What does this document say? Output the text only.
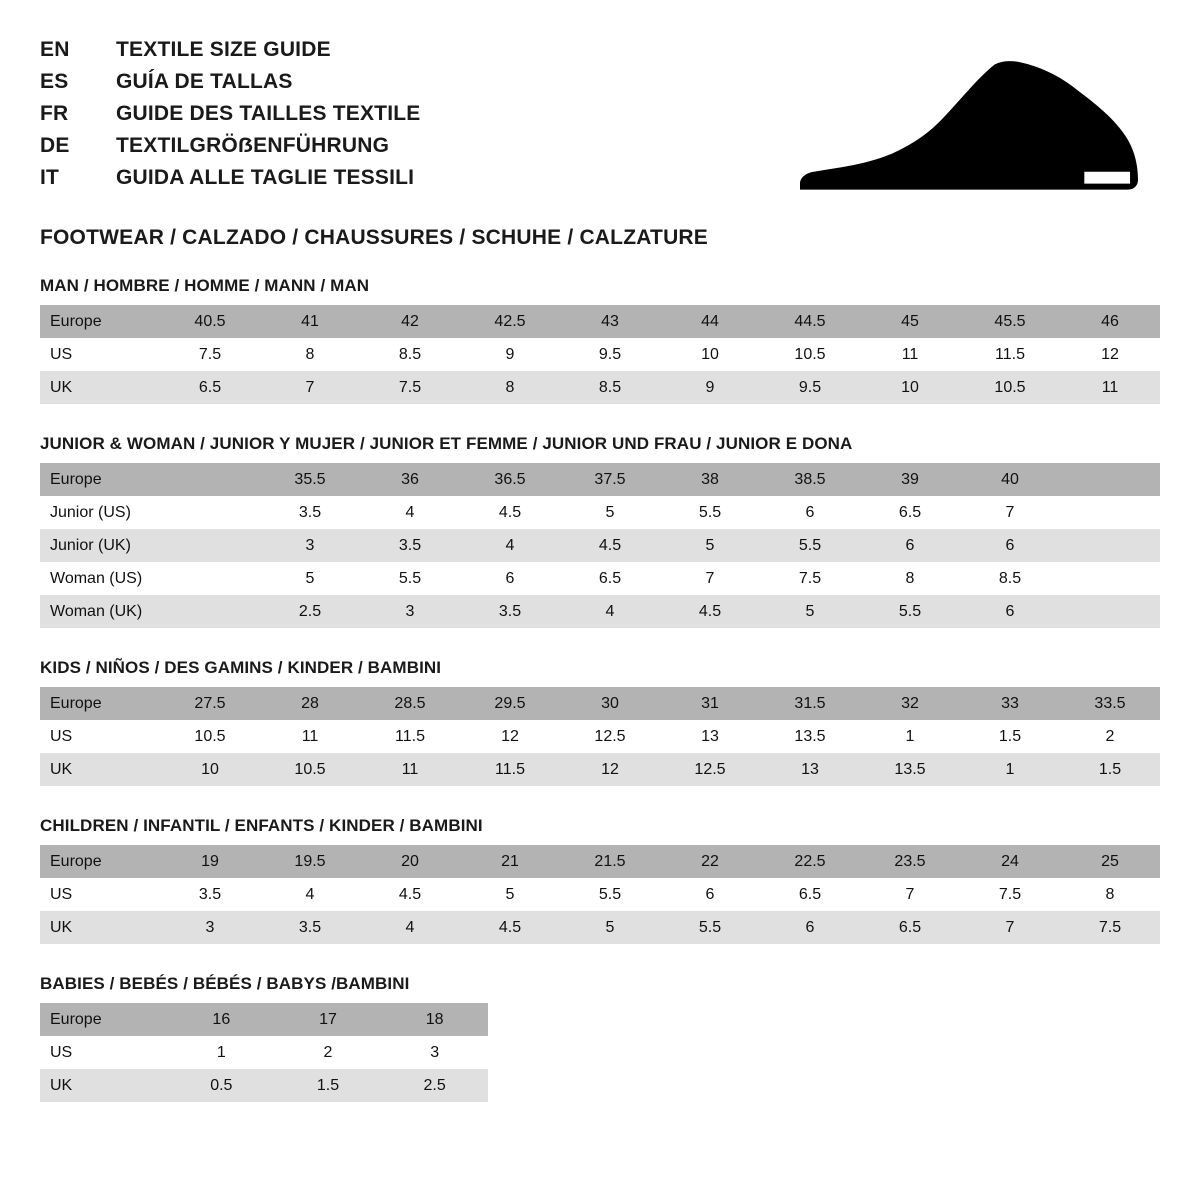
EN	TEXTILE SIZE GUIDE
ES	GUÍA DE TALLAS
FR	GUIDE DES TAILLES TEXTILE
DE	TEXTILGRÖẞENFÜHRUNG
IT	GUIDA ALLE TAGLIE TESSILI
FOOTWEAR / CALZADO / CHAUSSURES / SCHUHE / CALZATURE
MAN / HOMBRE / HOMME / MANN / MAN
Europe	40.5	41	42	42.5	43	44	44.5	45	45.5	46
US	7.5	8	8.5	9	9.5	10	10.5	11	11.5	12
UK	6.5	7	7.5	8	8.5	9	9.5	10	10.5	11
JUNIOR & WOMAN / JUNIOR Y MUJER / JUNIOR ET FEMME / JUNIOR UND FRAU / JUNIOR E DONA
Europe		35.5	36	36.5	37.5	38	38.5	39	40	
Junior (US)		3.5	4	4.5	5	5.5	6	6.5	7	
Junior (UK)		3	3.5	4	4.5	5	5.5	6	6	
Woman (US)		5	5.5	6	6.5	7	7.5	8	8.5	
Woman (UK)		2.5	3	3.5	4	4.5	5	5.5	6	
KIDS / NIÑOS / DES GAMINS / KINDER / BAMBINI
Europe	27.5	28	28.5	29.5	30	31	31.5	32	33	33.5
US	10.5	11	11.5	12	12.5	13	13.5	1	1.5	2
UK	10	10.5	11	11.5	12	12.5	13	13.5	1	1.5
CHILDREN / INFANTIL / ENFANTS / KINDER / BAMBINI
Europe	19	19.5	20	21	21.5	22	22.5	23.5	24	25
US	3.5	4	4.5	5	5.5	6	6.5	7	7.5	8
UK	3	3.5	4	4.5	5	5.5	6	6.5	7	7.5
BABIES / BEBÉS / BÉBÉS / BABYS /BAMBINI
Europe	16	17	18
US	1	2	3
UK	0.5	1.5	2.5
